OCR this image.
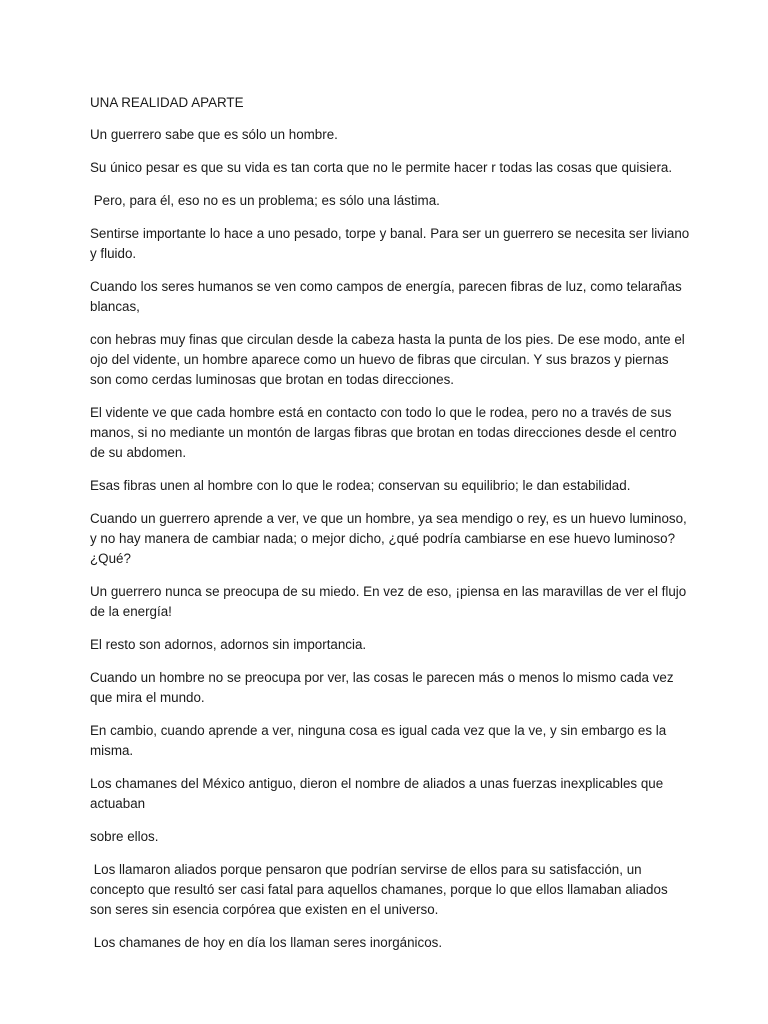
UNA REALIDAD APARTE

Un guerrero sabe que es sólo un hombre.

Su único pesar es que su vida es tan corta que no le permite hacer r todas las cosas que quisiera.

Pero, para él, eso no es un problema; es sólo una lástima.

Sentirse importante lo hace a uno pesado, torpe y banal. Para ser un guerrero se necesita ser liviano y fluido.

Cuando los seres humanos se ven como campos de energía, parecen fibras de luz, como telarañas blancas,

con hebras muy finas que circulan desde la cabeza hasta la punta de los pies. De ese modo, ante el ojo del vidente, un hombre aparece como un huevo de fibras que circulan. Y sus brazos y piernas son como cerdas luminosas que brotan en todas direcciones.

El vidente ve que cada hombre está en contacto con todo lo que le rodea, pero no a través de sus manos, si no mediante un montón de largas fibras que brotan en todas direcciones desde el centro de su abdomen.

Esas fibras unen al hombre con lo que le rodea; conservan su equilibrio; le dan estabilidad.

Cuando un guerrero aprende a ver, ve que un hombre, ya sea mendigo o rey, es un huevo luminoso, y no hay manera de cambiar nada; o mejor dicho, ¿qué podría cambiarse en ese huevo luminoso? ¿Qué?

Un guerrero nunca se preocupa de su miedo. En vez de eso, ¡piensa en las maravillas de ver el flujo de la energía!

El resto son adornos, adornos sin importancia.

Cuando un hombre no se preocupa por ver, las cosas le parecen más o menos lo mismo cada vez que mira el mundo.

En cambio, cuando aprende a ver, ninguna cosa es igual cada vez que la ve, y sin embargo es la misma.

Los chamanes del México antiguo, dieron el nombre de aliados a unas fuerzas inexplicables que actuaban

sobre ellos.

Los llamaron aliados porque pensaron que podrían servirse de ellos para su satisfacción, un concepto que resultó ser casi fatal para aquellos chamanes, porque lo que ellos llamaban aliados son seres sin esencia corpórea que existen en el universo.

Los chamanes de hoy en día los llaman seres inorgánicos.
